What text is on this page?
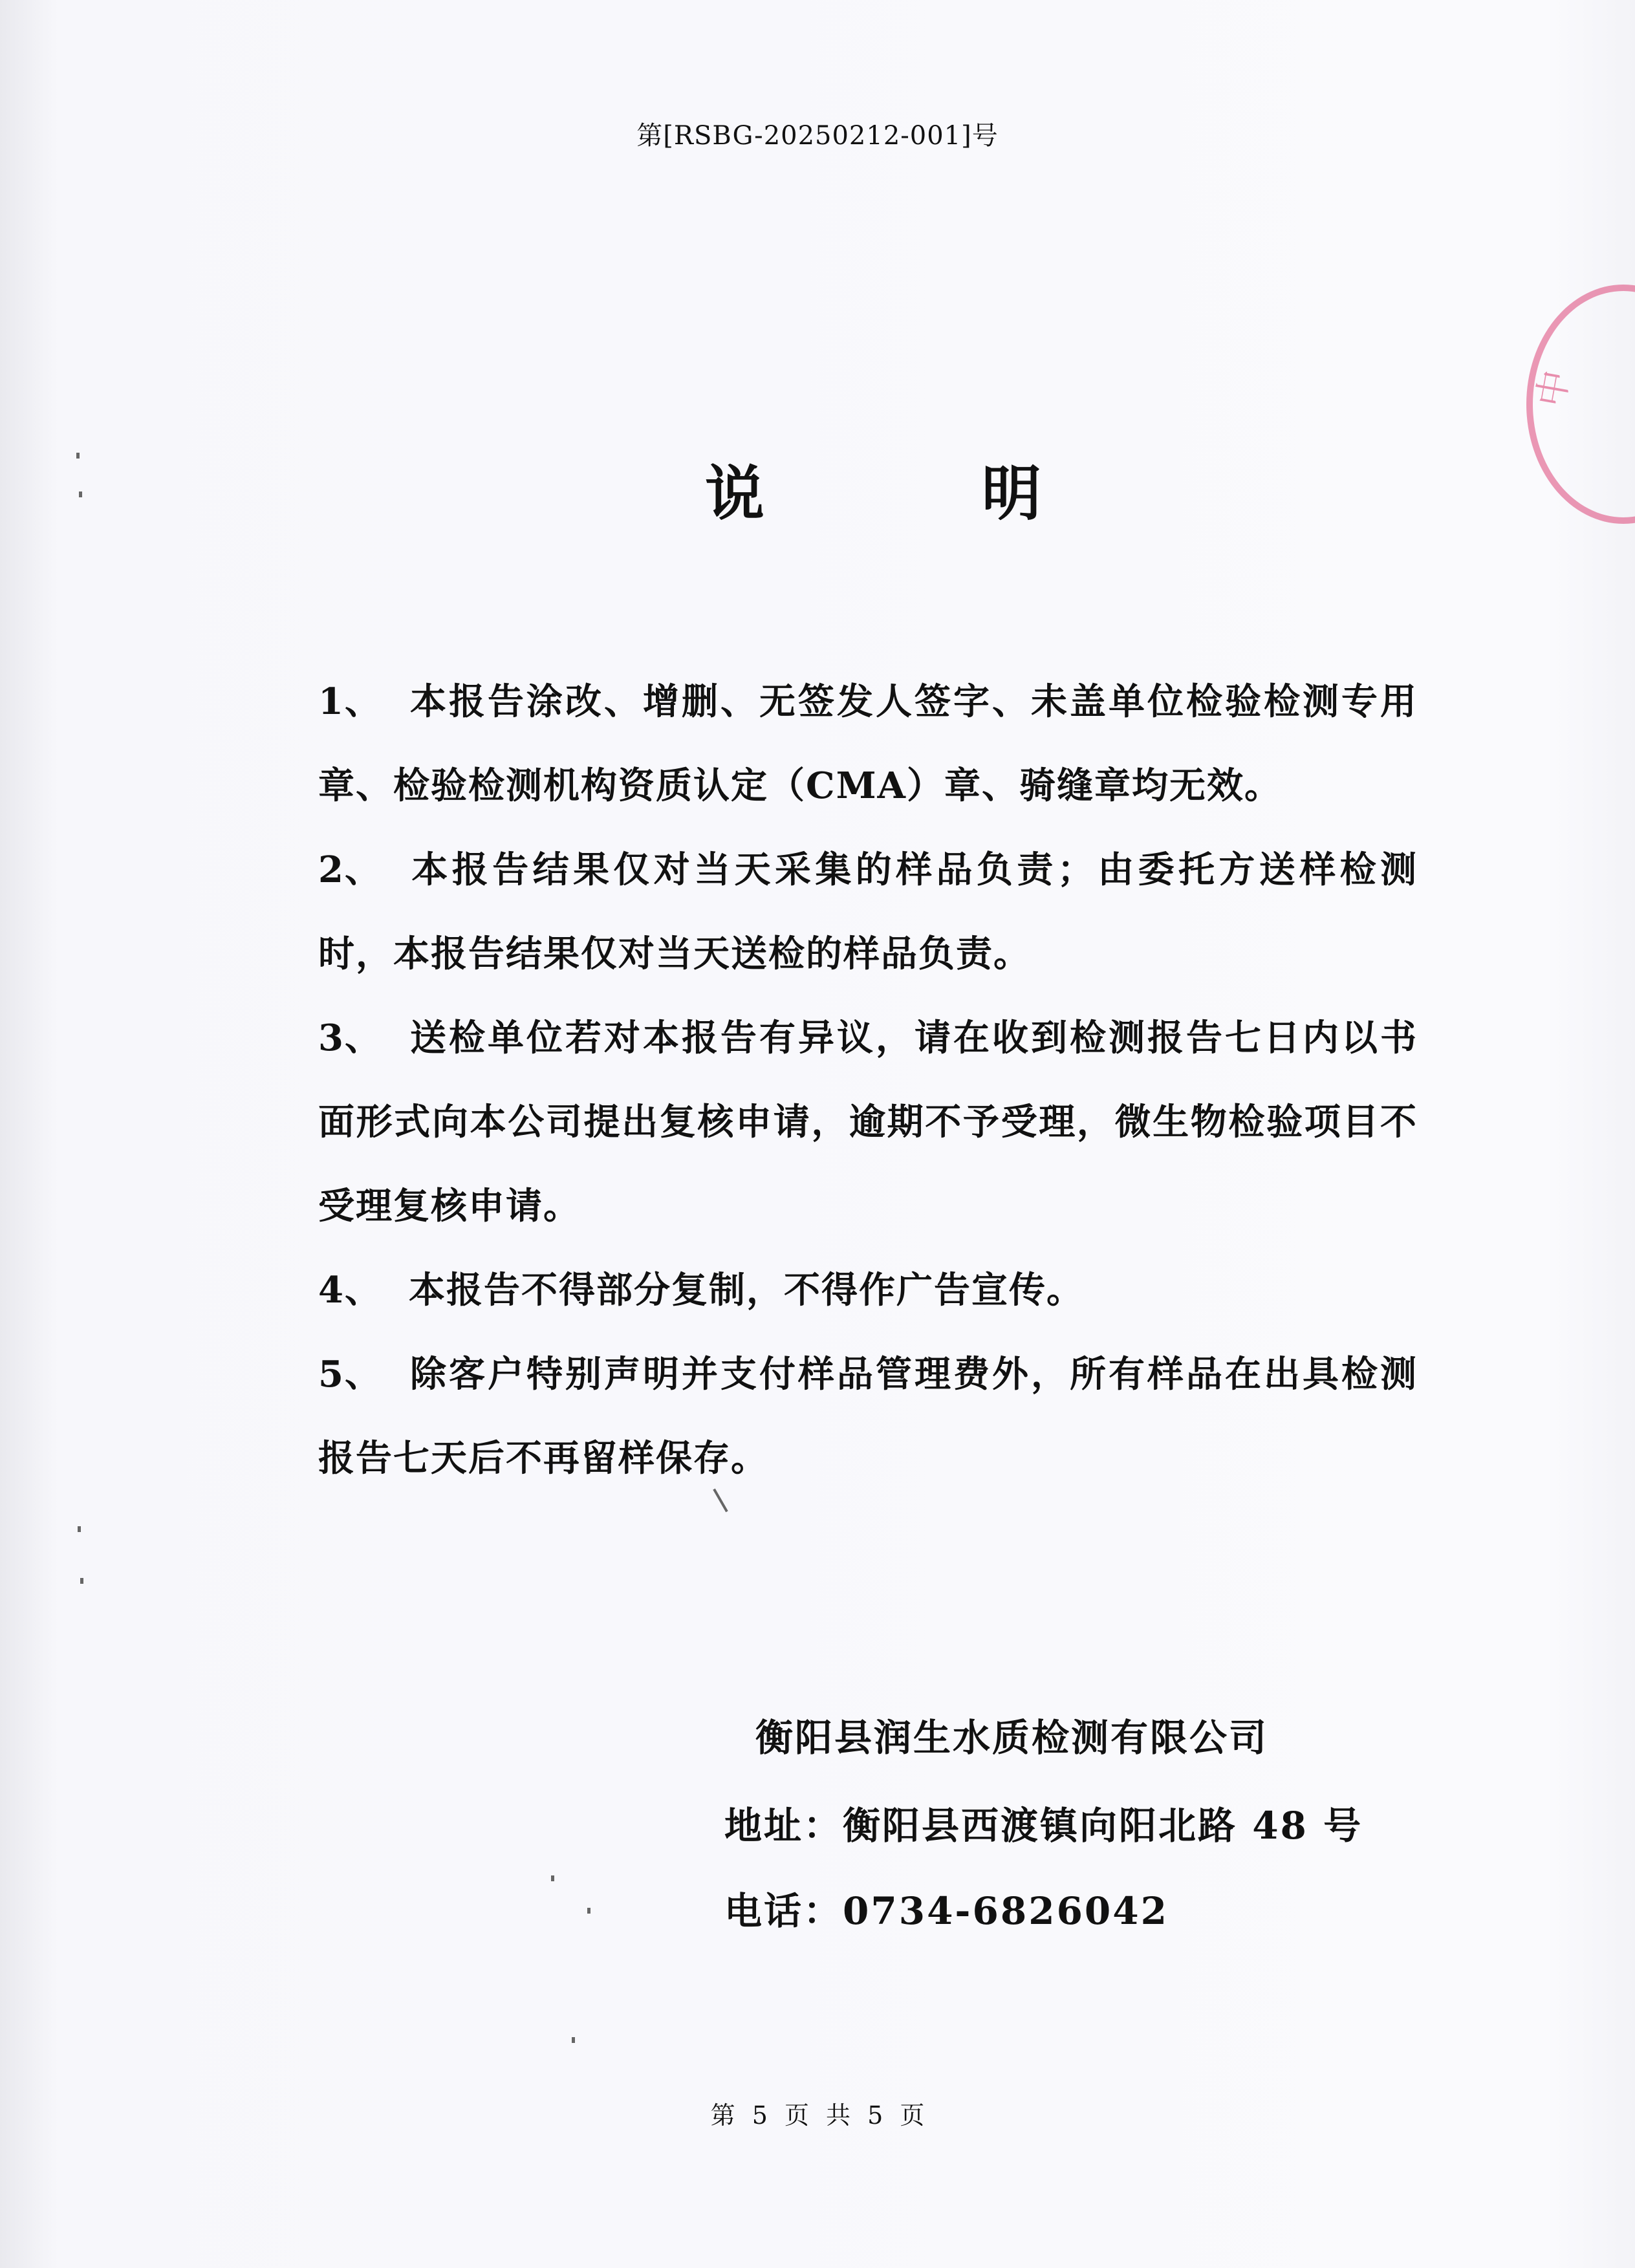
第[RSBG-20250212-001]号
说	明

1、 本报告涂改、增删、无签发人签字、未盖单位检验检测专用章、检验检测机构资质认定（CMA）章、骑缝章均无效。

2、 本报告结果仅对当天采集的样品负责；由委托方送样检测时，本报告结果仅对当天送检的样品负责。

3、 送检单位若对本报告有异议，请在收到检测报告七日内以书面形式向本公司提出复核申请，逾期不予受理，微生物检验项目不受理复核申请。

4、 本报告不得部分复制，不得作广告宣传。

5、 除客户特别声明并支付样品管理费外，所有样品在出具检测报告七天后不再留样保存。

衡阳县润生水质检测有限公司
地址：衡阳县西渡镇向阳北路 48 号
电话：0734-6826042
第 5 页 共 5 页
中
